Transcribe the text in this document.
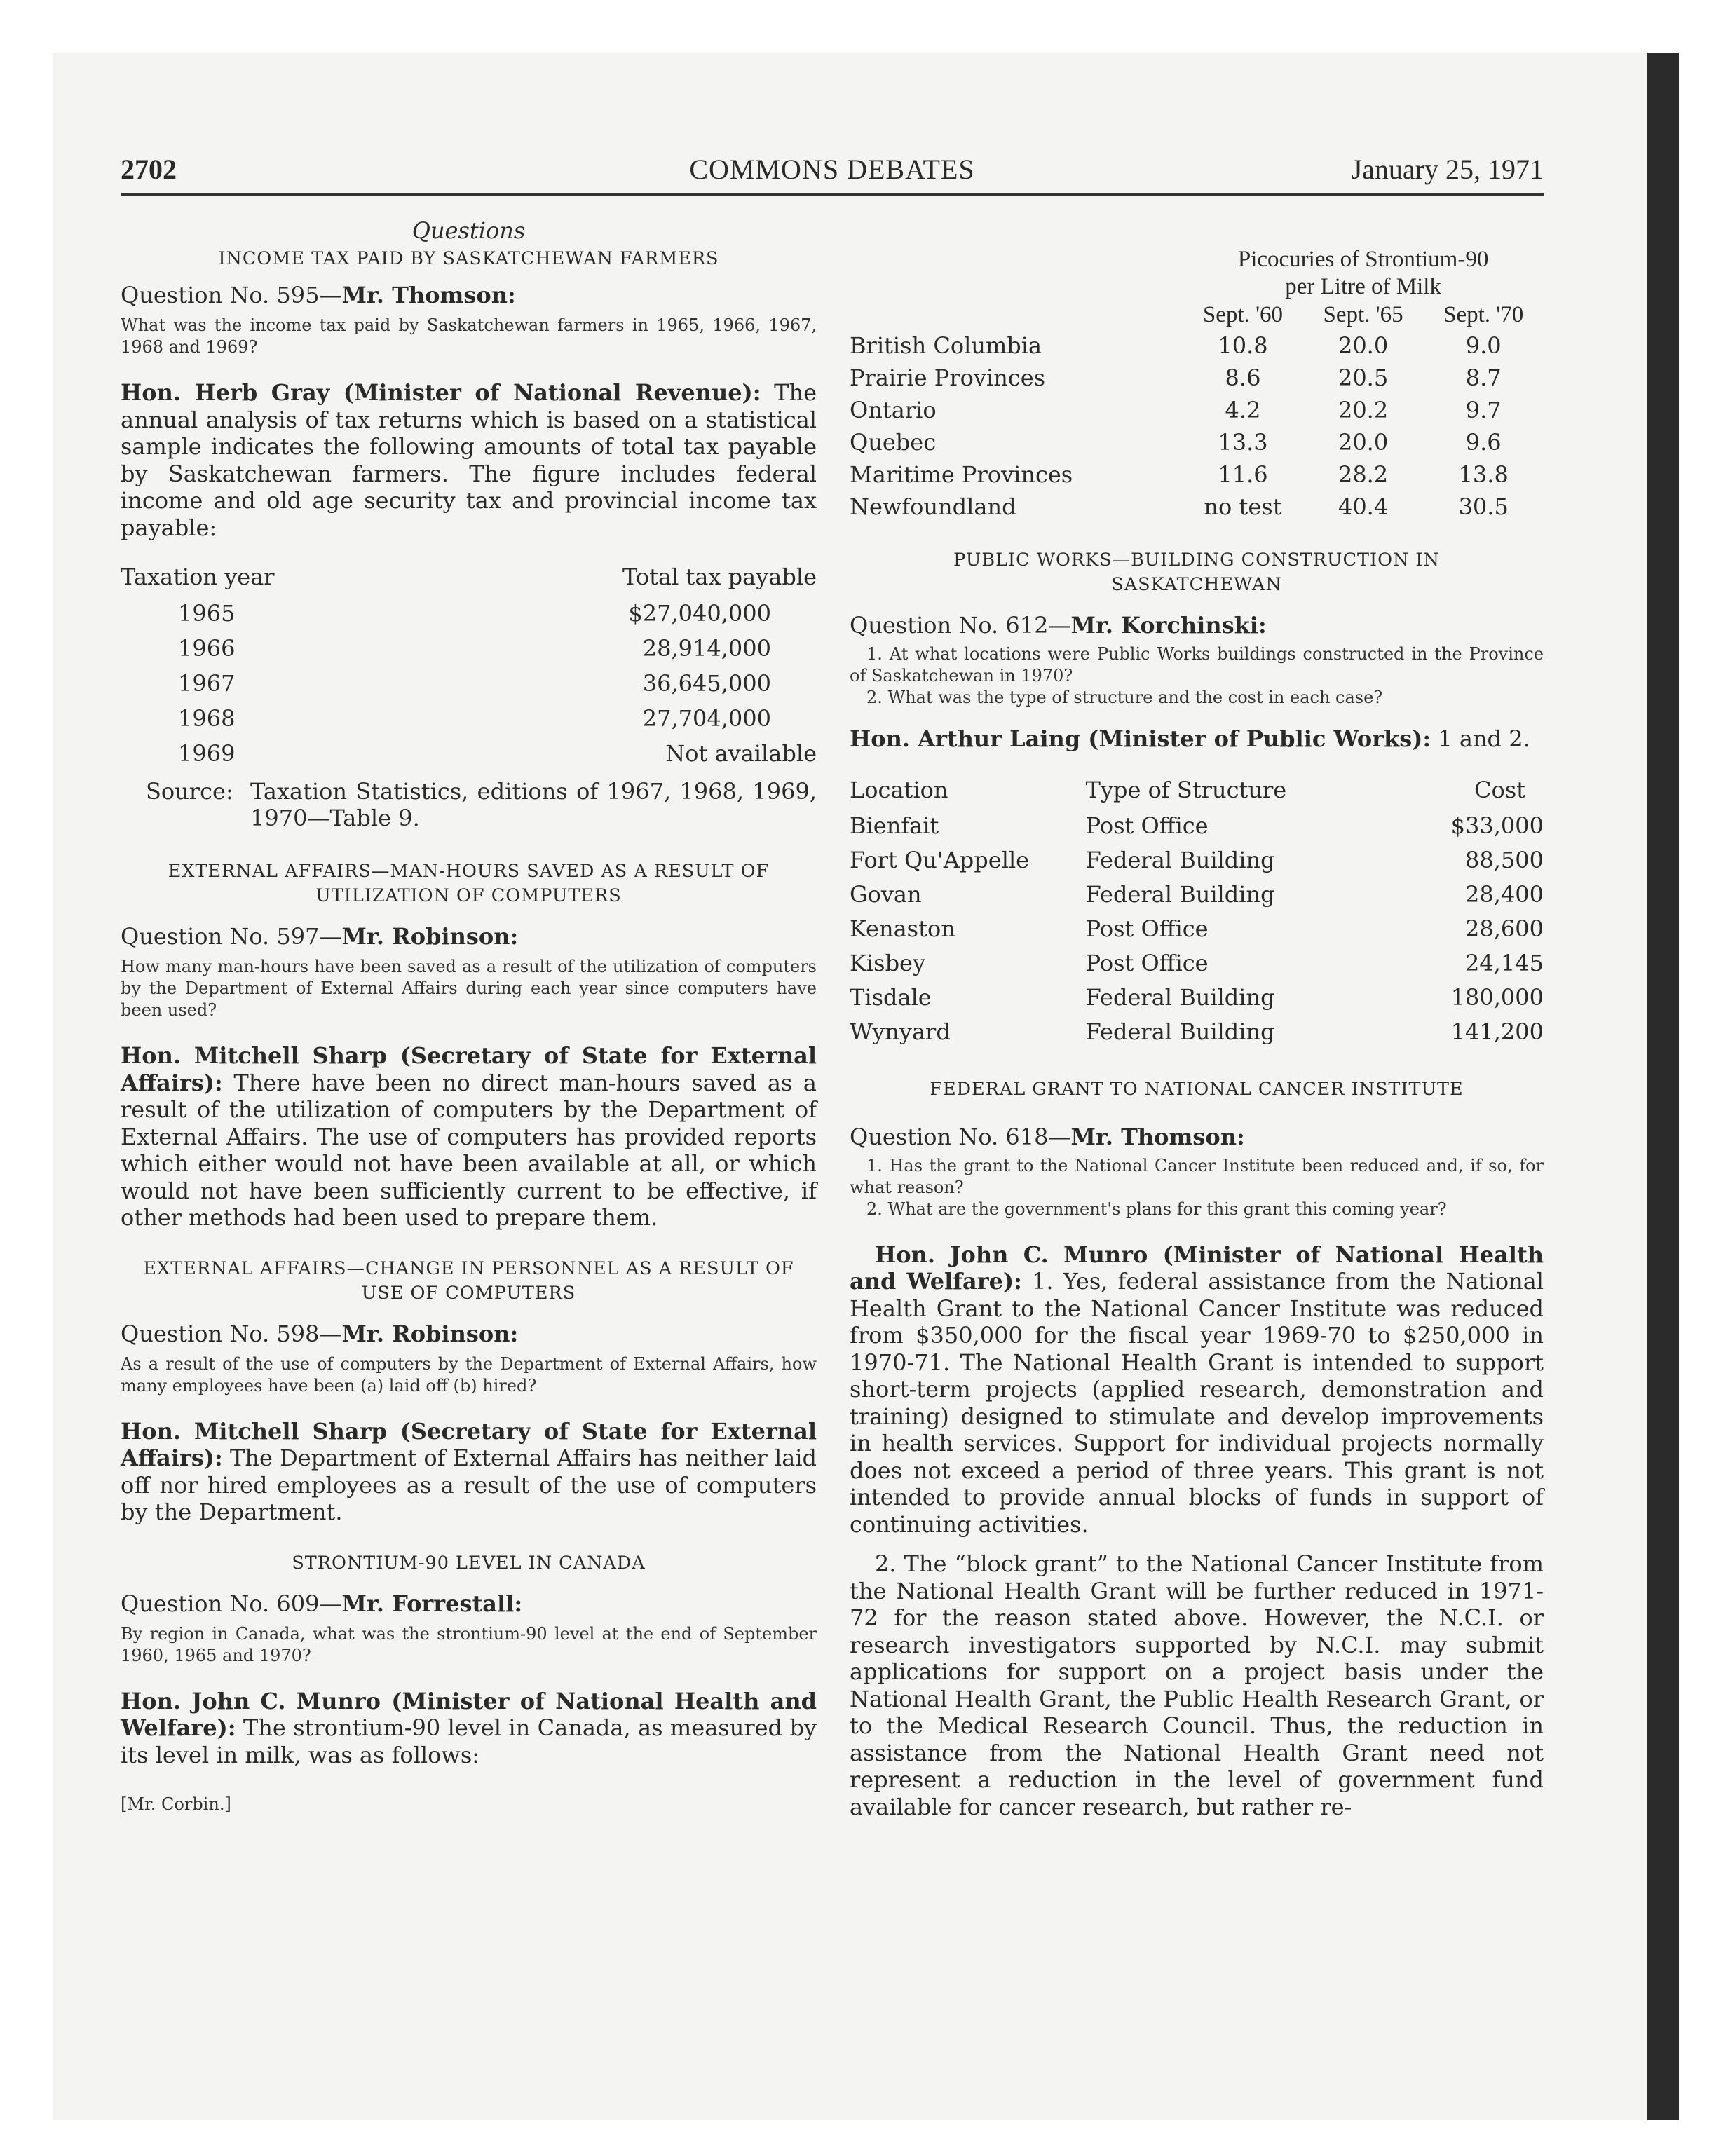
2702	COMMONS DEBATES	January 25, 1971

Questions

INCOME TAX PAID BY SASKATCHEWAN FARMERS

Question No. 595—Mr. Thomson:

What was the income tax paid by Saskatchewan farmers in 1965, 1966, 1967, 1968 and 1969?

Hon. Herb Gray (Minister of National Revenue): The annual analysis of tax returns which is based on a statistical sample indicates the following amounts of total tax payable by Saskatchewan farmers. The figure includes federal income and old age security tax and provincial income tax payable:

Taxation year	Total tax payable
1965	$27,040,000
1966	28,914,000
1967	36,645,000
1968	27,704,000
1969	Not available
Source: Taxation Statistics, editions of 1967, 1968, 1969, 1970—Table 9.

EXTERNAL AFFAIRS—MAN-HOURS SAVED AS A RESULT OF UTILIZATION OF COMPUTERS

Question No. 597—Mr. Robinson:

How many man-hours have been saved as a result of the utilization of computers by the Department of External Affairs during each year since computers have been used?

Hon. Mitchell Sharp (Secretary of State for External Affairs): There have been no direct man-hours saved as a result of the utilization of computers by the Department of External Affairs. The use of computers has provided reports which either would not have been available at all, or which would not have been sufficiently current to be effective, if other methods had been used to prepare them.

EXTERNAL AFFAIRS—CHANGE IN PERSONNEL AS A RESULT OF USE OF COMPUTERS

Question No. 598—Mr. Robinson:

As a result of the use of computers by the Department of External Affairs, how many employees have been (a) laid off (b) hired?

Hon. Mitchell Sharp (Secretary of State for External Affairs): The Department of External Affairs has neither laid off nor hired employees as a result of the use of computers by the Department.

STRONTIUM-90 LEVEL IN CANADA

Question No. 609—Mr. Forrestall:

By region in Canada, what was the strontium-90 level at the end of September 1960, 1965 and 1970?

Hon. John C. Munro (Minister of National Health and Welfare): The strontium-90 level in Canada, as measured by its level in milk, was as follows:

[Mr. Corbin.]

	Picocuries of Strontium-90		
	per Litre of Milk		
	Sept. '60	Sept. '65	Sept. '70
British Columbia	10.8	20.0	9.0
Prairie Provinces	8.6	20.5	8.7
Ontario	4.2	20.2	9.7
Quebec	13.3	20.0	9.6
Maritime Provinces	11.6	28.2	13.8
Newfoundland	no test	40.4	30.5

PUBLIC WORKS—BUILDING CONSTRUCTION IN SASKATCHEWAN

Question No. 612—Mr. Korchinski:

1. At what locations were Public Works buildings constructed in the Province of Saskatchewan in 1970?

2. What was the type of structure and the cost in each case?

Hon. Arthur Laing (Minister of Public Works): 1 and 2.

Location	Type of Structure	Cost
Bienfait	Post Office	$33,000
Fort Qu'Appelle	Federal Building	88,500
Govan	Federal Building	28,400
Kenaston	Post Office	28,600
Kisbey	Post Office	24,145
Tisdale	Federal Building	180,000
Wynyard	Federal Building	141,200

FEDERAL GRANT TO NATIONAL CANCER INSTITUTE

Question No. 618—Mr. Thomson:

1. Has the grant to the National Cancer Institute been reduced and, if so, for what reason?

2. What are the government's plans for this grant this coming year?

Hon. John C. Munro (Minister of National Health and Welfare): 1. Yes, federal assistance from the National Health Grant to the National Cancer Institute was reduced from $350,000 for the fiscal year 1969-70 to $250,000 in 1970-71. The National Health Grant is intended to support short-term projects (applied research, demonstration and training) designed to stimulate and develop improvements in health services. Support for individual projects normally does not exceed a period of three years. This grant is not intended to provide annual blocks of funds in support of continuing activities.

2. The “block grant” to the National Cancer Institute from the National Health Grant will be further reduced in 1971-72 for the reason stated above. However, the N.C.I. or research investigators supported by N.C.I. may submit applications for support on a project basis under the National Health Grant, the Public Health Research Grant, or to the Medical Research Council. Thus, the reduction in assistance from the National Health Grant need not represent a reduction in the level of government fund available for cancer research, but rather re-
